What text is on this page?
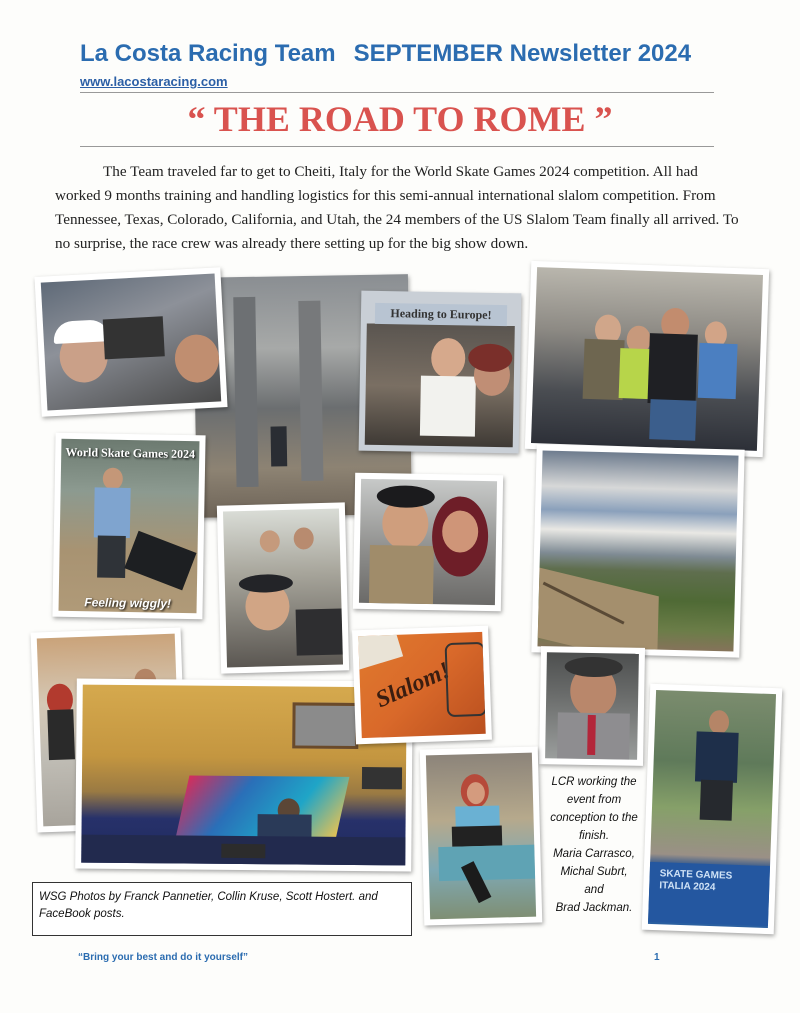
La Costa Racing Team SEPTEMBER Newsletter 2024
www.lacostaracing.com
“ THE ROAD TO ROME ”

The Team traveled far to get to Cheiti, Italy for the World Skate Games 2024 competition. All had worked 9 months training and handling logistics for this semi-annual international slalom competition. From Tennessee, Texas, Colorado, California, and Utah, the 24 members of the US Slalom Team finally all arrived. To no surprise, the race crew was already there setting up for the big show down.

Heading to Europe!
World Skate Games 2024
Feeling wiggly!
Slalom!
SKATE GAMES ITALIA 2024
WSG Photos by Franck Pannetier, Collin Kruse, Scott Hostert. and FaceBook posts.
LCR working the
event from
conception to the
finish.
Maria Carrasco,
Michal Subrt,
and
Brad Jackman.
“Bring your best and do it yourself”	1
